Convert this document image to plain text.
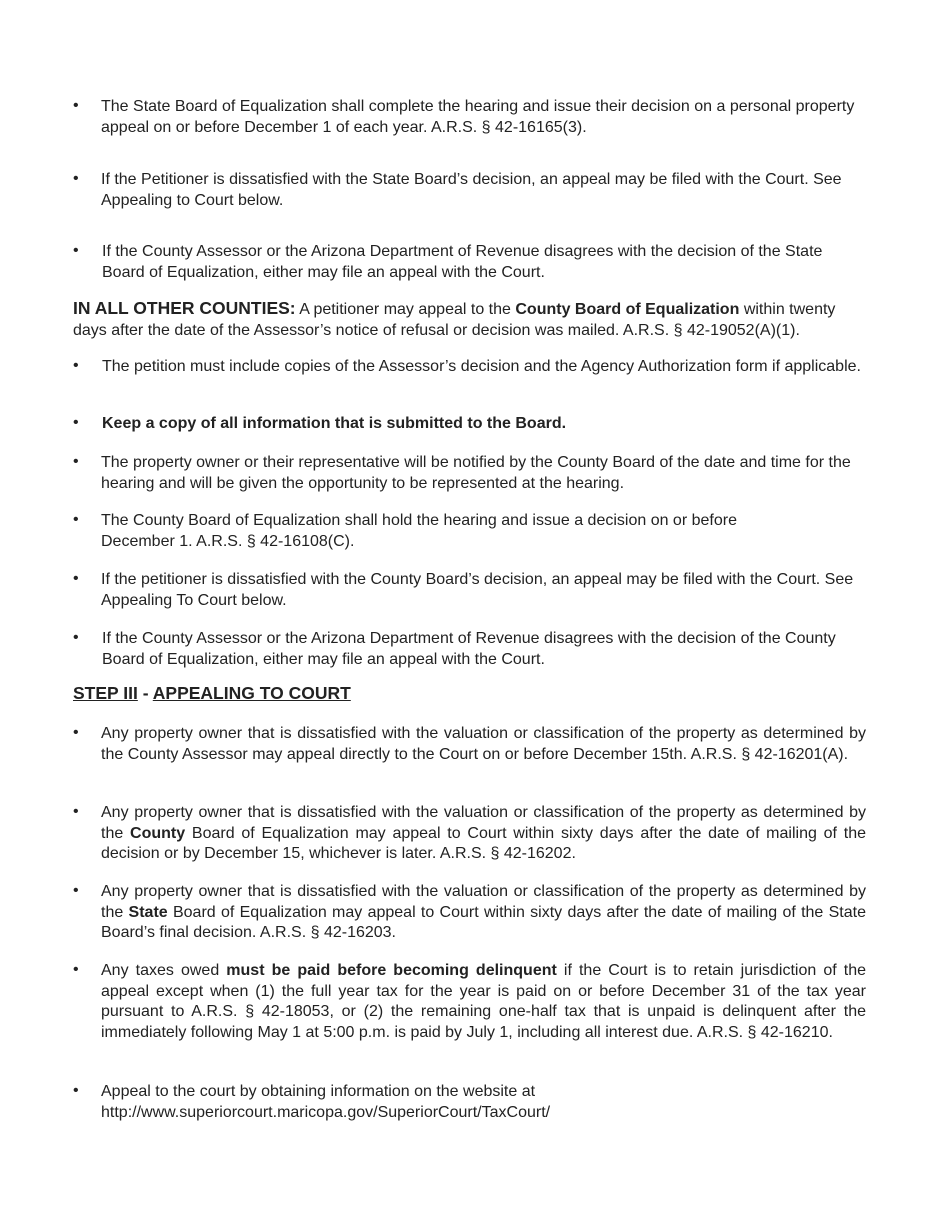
• The State Board of Equalization shall complete the hearing and issue their decision on a personal property appeal on or before December 1 of each year. A.R.S. § 42-16165(3).
• If the Petitioner is dissatisfied with the State Board’s decision, an appeal may be filed with the Court. See Appealing to Court below.
• If the County Assessor or the Arizona Department of Revenue disagrees with the decision of the State Board of Equalization, either may file an appeal with the Court.
IN ALL OTHER COUNTIES: A petitioner may appeal to the County Board of Equalization within twenty days after the date of the Assessor’s notice of refusal or decision was mailed. A.R.S. § 42-19052(A)(1).
• The petition must include copies of the Assessor’s decision and the Agency Authorization form if applicable.
• Keep a copy of all information that is submitted to the Board.
• The property owner or their representative will be notified by the County Board of the date and time for the hearing and will be given the opportunity to be represented at the hearing.
• The County Board of Equalization shall hold the hearing and issue a decision on or before December 1. A.R.S. § 42-16108(C).
• If the petitioner is dissatisfied with the County Board’s decision, an appeal may be filed with the Court. See Appealing To Court below.
• If the County Assessor or the Arizona Department of Revenue disagrees with the decision of the County Board of Equalization, either may file an appeal with the Court.
STEP III - APPEALING TO COURT
• Any property owner that is dissatisfied with the valuation or classification of the property as determined by the County Assessor may appeal directly to the Court on or before December 15th. A.R.S. § 42-16201(A).
• Any property owner that is dissatisfied with the valuation or classification of the property as determined by the County Board of Equalization may appeal to Court within sixty days after the date of mailing of the decision or by December 15, whichever is later. A.R.S. § 42-16202.
• Any property owner that is dissatisfied with the valuation or classification of the property as determined by the State Board of Equalization may appeal to Court within sixty days after the date of mailing of the State Board’s final decision. A.R.S. § 42-16203.
• Any taxes owed must be paid before becoming delinquent if the Court is to retain jurisdiction of the appeal except when (1) the full year tax for the year is paid on or before December 31 of the tax year pursuant to A.R.S. § 42-18053, or (2) the remaining one-half tax that is unpaid is delinquent after the immediately following May 1 at 5:00 p.m. is paid by July 1, including all interest due. A.R.S. § 42-16210.
• Appeal to the court by obtaining information on the website at
http://www.superiorcourt.maricopa.gov/SuperiorCourt/TaxCourt/
